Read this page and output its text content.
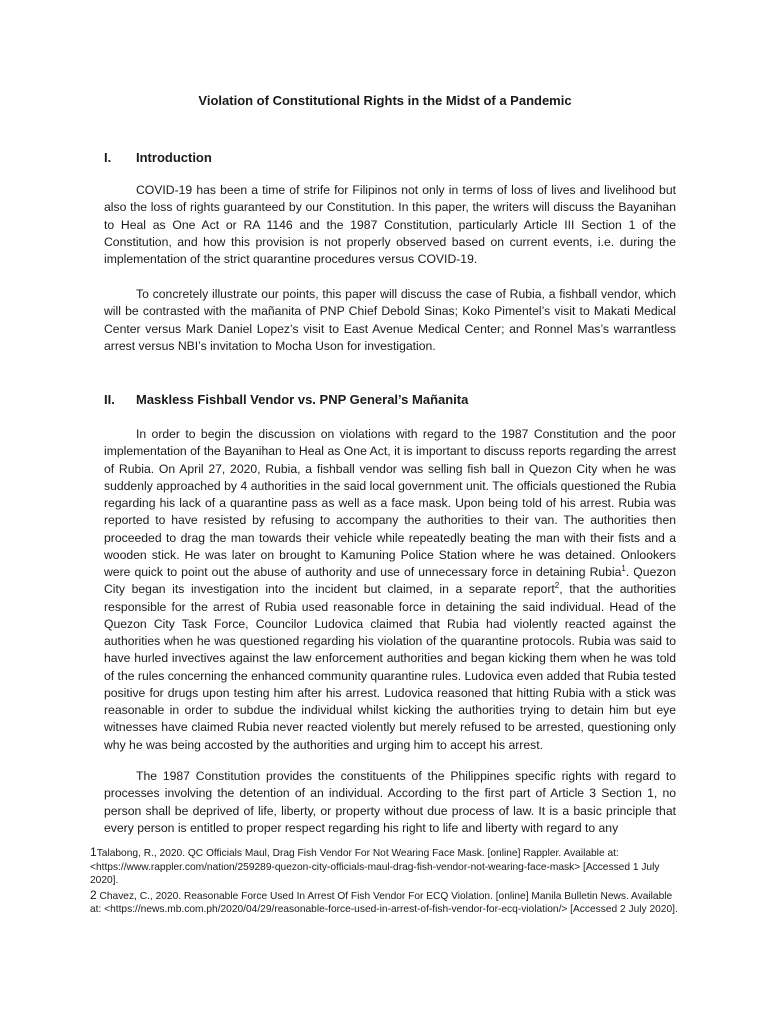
Violation of Constitutional Rights in the Midst of a Pandemic
I.	Introduction

COVID-19 has been a time of strife for Filipinos not only in terms of loss of lives and livelihood but also the loss of rights guaranteed by our Constitution. In this paper, the writers will discuss the Bayanihan to Heal as One Act or RA 1146 and the 1987 Constitution, particularly Article III Section 1 of the Constitution, and how this provision is not properly observed based on current events, i.e. during the implementation of the strict quarantine procedures versus COVID-19.

To concretely illustrate our points, this paper will discuss the case of Rubia, a fishball vendor, which will be contrasted with the mañanita of PNP Chief Debold Sinas; Koko Pimentel’s visit to Makati Medical Center versus Mark Daniel Lopez’s visit to East Avenue Medical Center; and Ronnel Mas’s warrantless arrest versus NBI’s invitation to Mocha Uson for investigation.

II.	Maskless Fishball Vendor vs. PNP General’s Mañanita

In order to begin the discussion on violations with regard to the 1987 Constitution and the poor implementation of the Bayanihan to Heal as One Act, it is important to discuss reports regarding the arrest of Rubia. On April 27, 2020, Rubia, a fishball vendor was selling fish ball in Quezon City when he was suddenly approached by 4 authorities in the said local government unit. The officials questioned the Rubia regarding his lack of a quarantine pass as well as a face mask. Upon being told of his arrest. Rubia was reported to have resisted by refusing to accompany the authorities to their van. The authorities then proceeded to drag the man towards their vehicle while repeatedly beating the man with their fists and a wooden stick. He was later on brought to Kamuning Police Station where he was detained. Onlookers were quick to point out the abuse of authority and use of unnecessary force in detaining Rubia$^1$. Quezon City began its investigation into the incident but claimed, in a separate report$^2$, that the authorities responsible for the arrest of Rubia used reasonable force in detaining the said individual. Head of the Quezon City Task Force, Councilor Ludovica claimed that Rubia had violently reacted against the authorities when he was questioned regarding his violation of the quarantine protocols. Rubia was said to have hurled invectives against the law enforcement authorities and began kicking them when he was told of the rules concerning the enhanced community quarantine rules. Ludovica even added that Rubia tested positive for drugs upon testing him after his arrest. Ludovica reasoned that hitting Rubia with a stick was reasonable in order to subdue the individual whilst kicking the authorities trying to detain him but eye witnesses have claimed Rubia never reacted violently but merely refused to be arrested, questioning only why he was being accosted by the authorities and urging him to accept his arrest.

The 1987 Constitution provides the constituents of the Philippines specific rights with regard to processes involving the detention of an individual. According to the first part of Article 3 Section 1, no person shall be deprived of life, liberty, or property without due process of law. It is a basic principle that every person is entitled to proper respect regarding his right to life and liberty with regard to any

1Talabong, R., 2020. QC Officials Maul, Drag Fish Vendor For Not Wearing Face Mask. [online] Rappler. Available at: <https://www.rappler.com/nation/259289-quezon-city-officials-maul-drag-fish-vendor-not-wearing-face-mask> [Accessed 1 July 2020].

2 Chavez, C., 2020. Reasonable Force Used In Arrest Of Fish Vendor For ECQ Violation. [online] Manila Bulletin News. Available at: <https://news.mb.com.ph/2020/04/29/reasonable-force-used-in-arrest-of-fish-vendor-for-ecq-violation/> [Accessed 2 July 2020].
